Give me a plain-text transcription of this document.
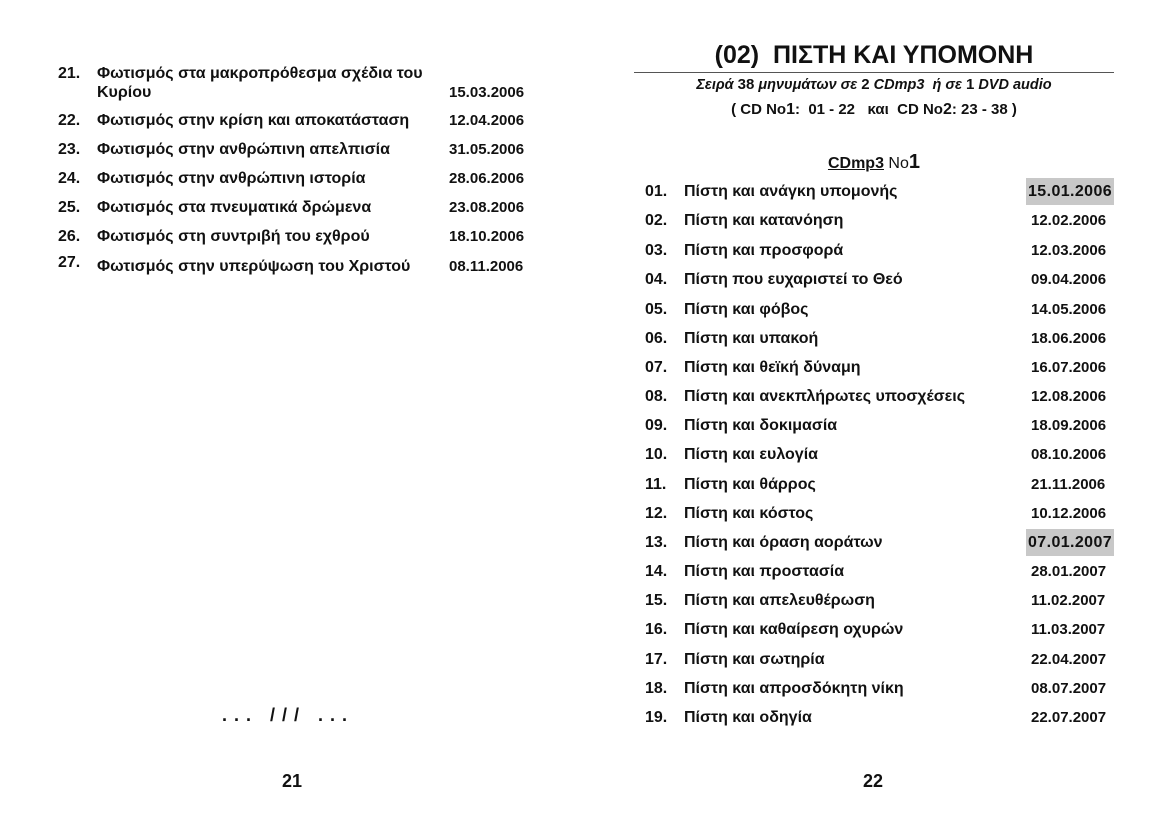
21. Φωτισμός στα μακροπρόθεσμα σχέδια του Κυρίου	15.03.2006
22. Φωτισμός στην κρίση και αποκατάσταση	12.04.2006
23. Φωτισμός στην ανθρώπινη απελπισία	31.05.2006
24. Φωτισμός στην ανθρώπινη ιστορία	28.06.2006
25. Φωτισμός στα πνευματικά δρώμενα	23.08.2006
26. Φωτισμός στη συντριβή του εχθρού	18.10.2006
27. Φωτισμός στην υπερύψωση του Χριστού	08.11.2006
... /// ...
21
(02)  ΠΙΣΤΗ ΚΑΙ ΥΠΟΜΟΝΗ
Σειρά 38 μηνυμάτων σε 2 CDmp3  ή σε 1 DVD audio
( CD No1:  01 - 22   και  CD No2: 23 - 38 )
CDmp3 No1
01. Πίστη και ανάγκη υπομονής	15.01.2006
02. Πίστη και κατανόηση	12.02.2006
03. Πίστη και προσφορά	12.03.2006
04. Πίστη που ευχαριστεί το Θεό	09.04.2006
05. Πίστη και φόβος	14.05.2006
06. Πίστη και υπακοή	18.06.2006
07. Πίστη και θεϊκή δύναμη	16.07.2006
08. Πίστη και ανεκπλήρωτες υποσχέσεις	12.08.2006
09. Πίστη και δοκιμασία	18.09.2006
10. Πίστη και ευλογία	08.10.2006
11. Πίστη και θάρρος	21.11.2006
12. Πίστη και κόστος	10.12.2006
13. Πίστη και όραση αοράτων	07.01.2007
14. Πίστη και προστασία	28.01.2007
15. Πίστη και απελευθέρωση	11.02.2007
16. Πίστη και καθαίρεση οχυρών	11.03.2007
17. Πίστη και σωτηρία	22.04.2007
18. Πίστη και απροσδόκητη νίκη	08.07.2007
19. Πίστη και οδηγία	22.07.2007
22
